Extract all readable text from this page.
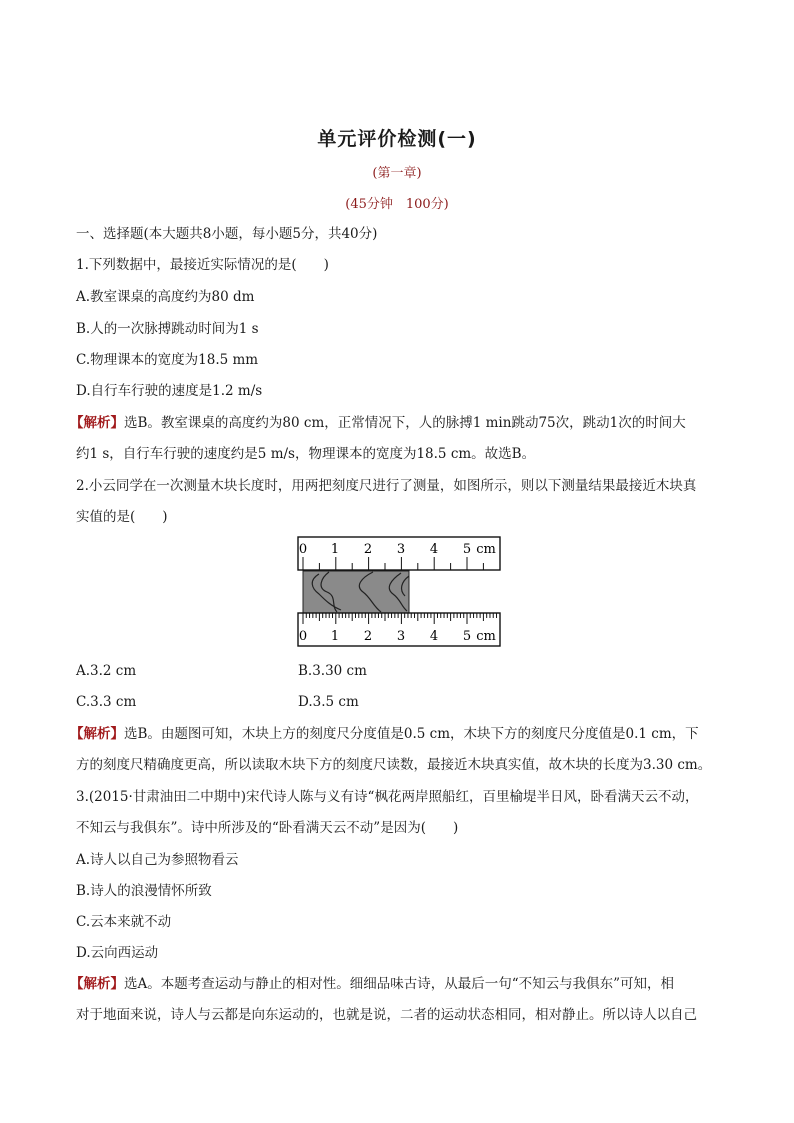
单元评价检测(一)
(第一章)
(45分钟　100分)
一、选择题(本大题共8小题，每小题5分，共40分)
1.下列数据中，最接近实际情况的是(　　)
A.教室课桌的高度约为80 dm
B.人的一次脉搏跳动时间为1 s
C.物理课本的宽度为18.5 mm
D.自行车行驶的速度是1.2 m/s
【解析】选B。教室课桌的高度约为80 cm，正常情况下，人的脉搏1 min跳动75次，跳动1次的时间大
约1 s，自行车行驶的速度约是5 m/s，物理课本的宽度为18.5 cm。故选B。
2.小云同学在一次测量木块长度时，用两把刻度尺进行了测量，如图所示，则以下测量结果最接近木块真
实值的是(　　)
0 1 2 3 4 5 cm
0 1 2 3 4 5 cm
A.3.2 cm	B.3.30 cm
C.3.3 cm	D.3.5 cm
【解析】选B。由题图可知，木块上方的刻度尺分度值是0.5 cm，木块下方的刻度尺分度值是0.1 cm，下
方的刻度尺精确度更高，所以读取木块下方的刻度尺读数，最接近木块真实值，故木块的长度为3.30 cm。
3.(2015·甘肃油田二中期中)宋代诗人陈与义有诗“枫花两岸照船红，百里榆堤半日风，卧看满天云不动，
不知云与我俱东”。诗中所涉及的“卧看满天云不动”是因为(　　)
A.诗人以自己为参照物看云
B.诗人的浪漫情怀所致
C.云本来就不动
D.云向西运动
【解析】选A。本题考查运动与静止的相对性。细细品味古诗，从最后一句“不知云与我俱东”可知，相
对于地面来说，诗人与云都是向东运动的，也就是说，二者的运动状态相同，相对静止。所以诗人以自己
